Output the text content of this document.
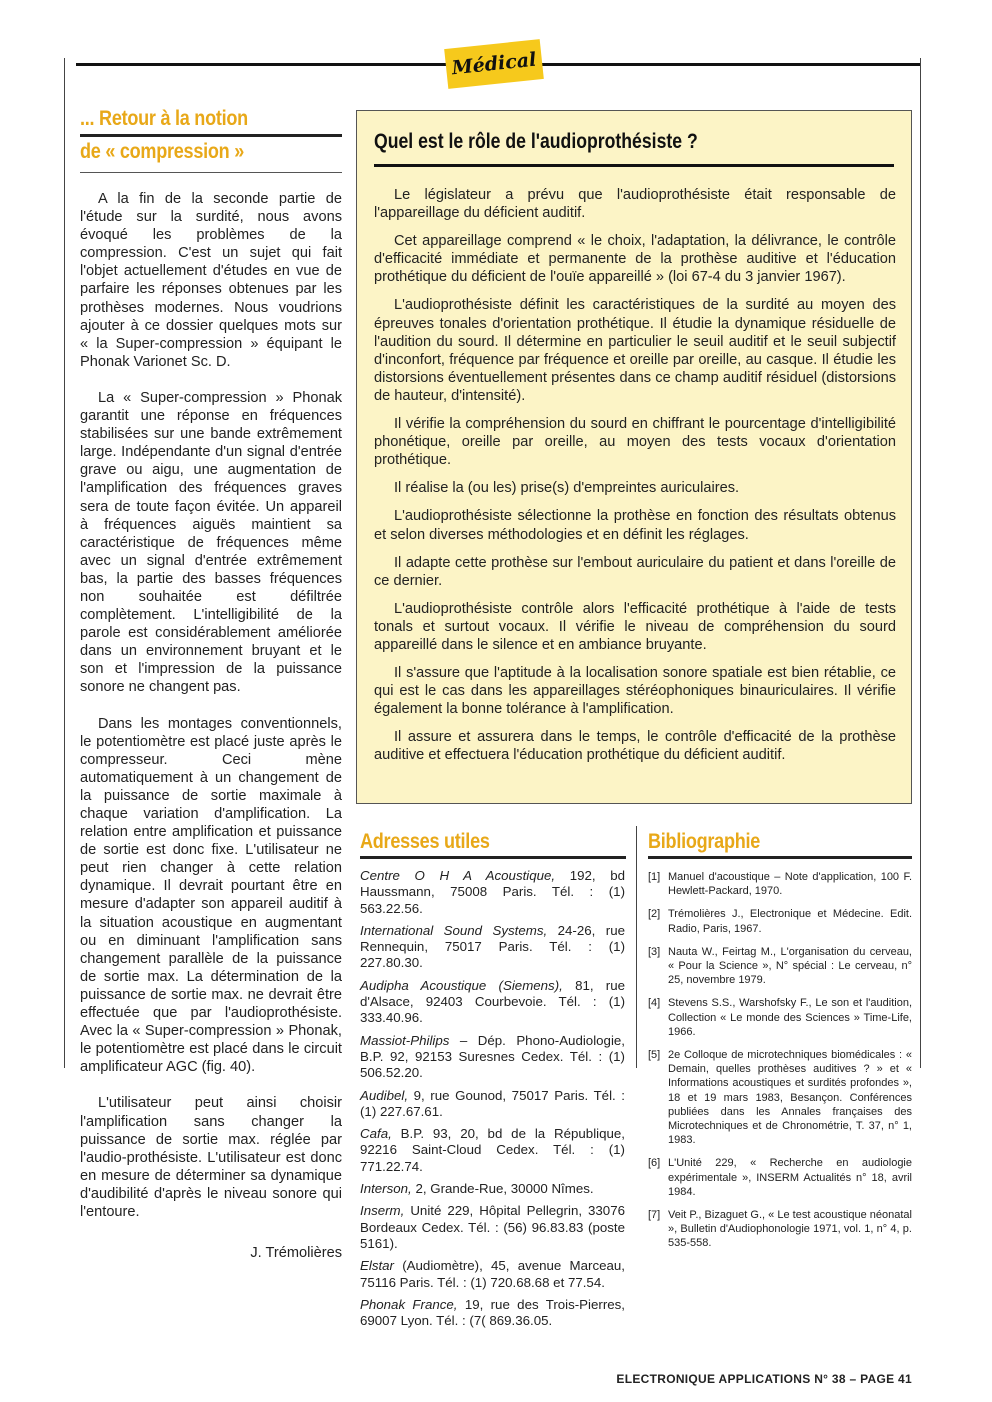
Médical
... Retour à la notion
de « compression »

A la fin de la seconde partie de l'étude sur la surdité, nous avons évoqué les problèmes de la compression. C'est un sujet qui fait l'objet actuellement d'études en vue de parfaire les réponses obtenues par les prothèses modernes. Nous voudrions ajouter à ce dossier quelques mots sur « la Super-compression » équipant le Phonak Varionet Sc. D.

La « Super-compression » Phonak garantit une réponse en fréquences stabilisées sur une bande extrêmement large. Indépendante d'un signal d'entrée grave ou aigu, une augmentation de l'amplification des fréquences graves sera de toute façon évitée. Un appareil à fréquences aiguës maintient sa caractéristique de fréquences même avec un signal d'entrée extrêmement bas, la partie des basses fréquences non souhaitée est défiltrée complètement. L'intelligibilité de la parole est considérablement améliorée dans un environnement bruyant et le son et l'impression de la puissance sonore ne changent pas.

Dans les montages conventionnels, le potentiomètre est placé juste après le compresseur. Ceci mène automatiquement à un changement de la puissance de sortie maximale à chaque variation d'amplification. La relation entre amplification et puissance de sortie est donc fixe. L'utilisateur ne peut rien changer à cette relation dynamique. Il devrait pourtant être en mesure d'adapter son appareil auditif à la situation acoustique en augmentant ou en diminuant l'amplification sans changement parallèle de la puissance de sortie max. La détermination de la puissance de sortie max. ne devrait être effectuée que par l'audioprothésiste. Avec la « Super-compression » Phonak, le potentiomètre est placé dans le circuit amplificateur AGC (fig. 40).

L'utilisateur peut ainsi choisir l'amplification sans changer la puissance de sortie max. réglée par l'audio-prothésiste. L'utilisateur est donc en mesure de déterminer sa dynamique d'audibilité d'après le niveau sonore qui l'entoure.

J. Trémolières
Quel est le rôle de l'audioprothésiste ?

Le législateur a prévu que l'audioprothésiste était responsable de l'appareillage du déficient auditif.

Cet appareillage comprend « le choix, l'adaptation, la délivrance, le contrôle d'efficacité immédiate et permanente de la prothèse auditive et l'éducation prothétique du déficient de l'ouïe appareillé » (loi 67-4 du 3 janvier 1967).

L'audioprothésiste définit les caractéristiques de la surdité au moyen des épreuves tonales d'orientation prothétique. Il étudie la dynamique résiduelle de l'audition du sourd. Il détermine en particulier le seuil auditif et le seuil subjectif d'inconfort, fréquence par fréquence et oreille par oreille, au casque. Il étudie les distorsions éventuellement présentes dans ce champ auditif résiduel (distorsions de hauteur, d'intensité).

Il vérifie la compréhension du sourd en chiffrant le pourcentage d'intelligibilité phonétique, oreille par oreille, au moyen des tests vocaux d'orientation prothétique.

Il réalise la (ou les) prise(s) d'empreintes auriculaires.

L'audioprothésiste sélectionne la prothèse en fonction des résultats obtenus et selon diverses méthodologies et en définit les réglages.

Il adapte cette prothèse sur l'embout auriculaire du patient et dans l'oreille de ce dernier.

L'audioprothésiste contrôle alors l'efficacité prothétique à l'aide de tests tonals et surtout vocaux. Il vérifie le niveau de compréhension du sourd appareillé dans le silence et en ambiance bruyante.

Il s'assure que l'aptitude à la localisation sonore spatiale est bien rétablie, ce qui est le cas dans les appareillages stéréophoniques binauriculaires. Il vérifie également la bonne tolérance à l'amplification.

Il assure et assurera dans le temps, le contrôle d'efficacité de la prothèse auditive et effectuera l'éducation prothétique du déficient auditif.

Adresses utiles

Centre O H A Acoustique, 192, bd Haussmann, 75008 Paris. Tél. : (1) 563.22.56.

International Sound Systems, 24-26, rue Rennequin, 75017 Paris. Tél. : (1) 227.80.30.

Audipha Acoustique (Siemens), 81, rue d'Alsace, 92403 Courbevoie. Tél. : (1) 333.40.96.

Massiot-Philips – Dép. Phono-Audiologie, B.P. 92, 92153 Suresnes Cedex. Tél. : (1) 506.52.20.

Audibel, 9, rue Gounod, 75017 Paris. Tél. : (1) 227.67.61.

Cafa, B.P. 93, 20, bd de la République, 92216 Saint-Cloud Cedex. Tél. : (1) 771.22.74.

Interson, 2, Grande-Rue, 30000 Nîmes.

Inserm, Unité 229, Hôpital Pellegrin, 33076 Bordeaux Cedex. Tél. : (56) 96.83.83 (poste 5161).

Elstar (Audiomètre), 45, avenue Marceau, 75116 Paris. Tél. : (1) 720.68.68 et 77.54.

Phonak France, 19, rue des Trois-Pierres, 69007 Lyon. Tél. : (7( 869.36.05.

Bibliographie
[1] Manuel d'acoustique – Note d'application, 100 F. Hewlett-Packard, 1970.
[2] Trémolières J., Electronique et Médecine. Edit. Radio, Paris, 1967.
[3] Nauta W., Feirtag M., L'organisation du cerveau, « Pour la Science », N° spécial : Le cerveau, n° 25, novembre 1979.
[4] Stevens S.S., Warshofsky F., Le son et l'audition, Collection « Le monde des Sciences » Time-Life, 1966.
[5] 2e Colloque de microtechniques biomédicales : « Demain, quelles prothèses auditives ? » et « Informations acoustiques et surdités profondes », 18 et 19 mars 1983, Besançon. Conférences publiées dans les Annales françaises des Microtechniques et de Chronométrie, T. 37, n° 1, 1983.
[6] L'Unité 229, « Recherche en audiologie expérimentale », INSERM Actualités n° 18, avril 1984.
[7] Veit P., Bizaguet G., « Le test acoustique néonatal », Bulletin d'Audiophonologie 1971, vol. 1, n° 4, p. 535-558.
ELECTRONIQUE APPLICATIONS N° 38 – PAGE 41
